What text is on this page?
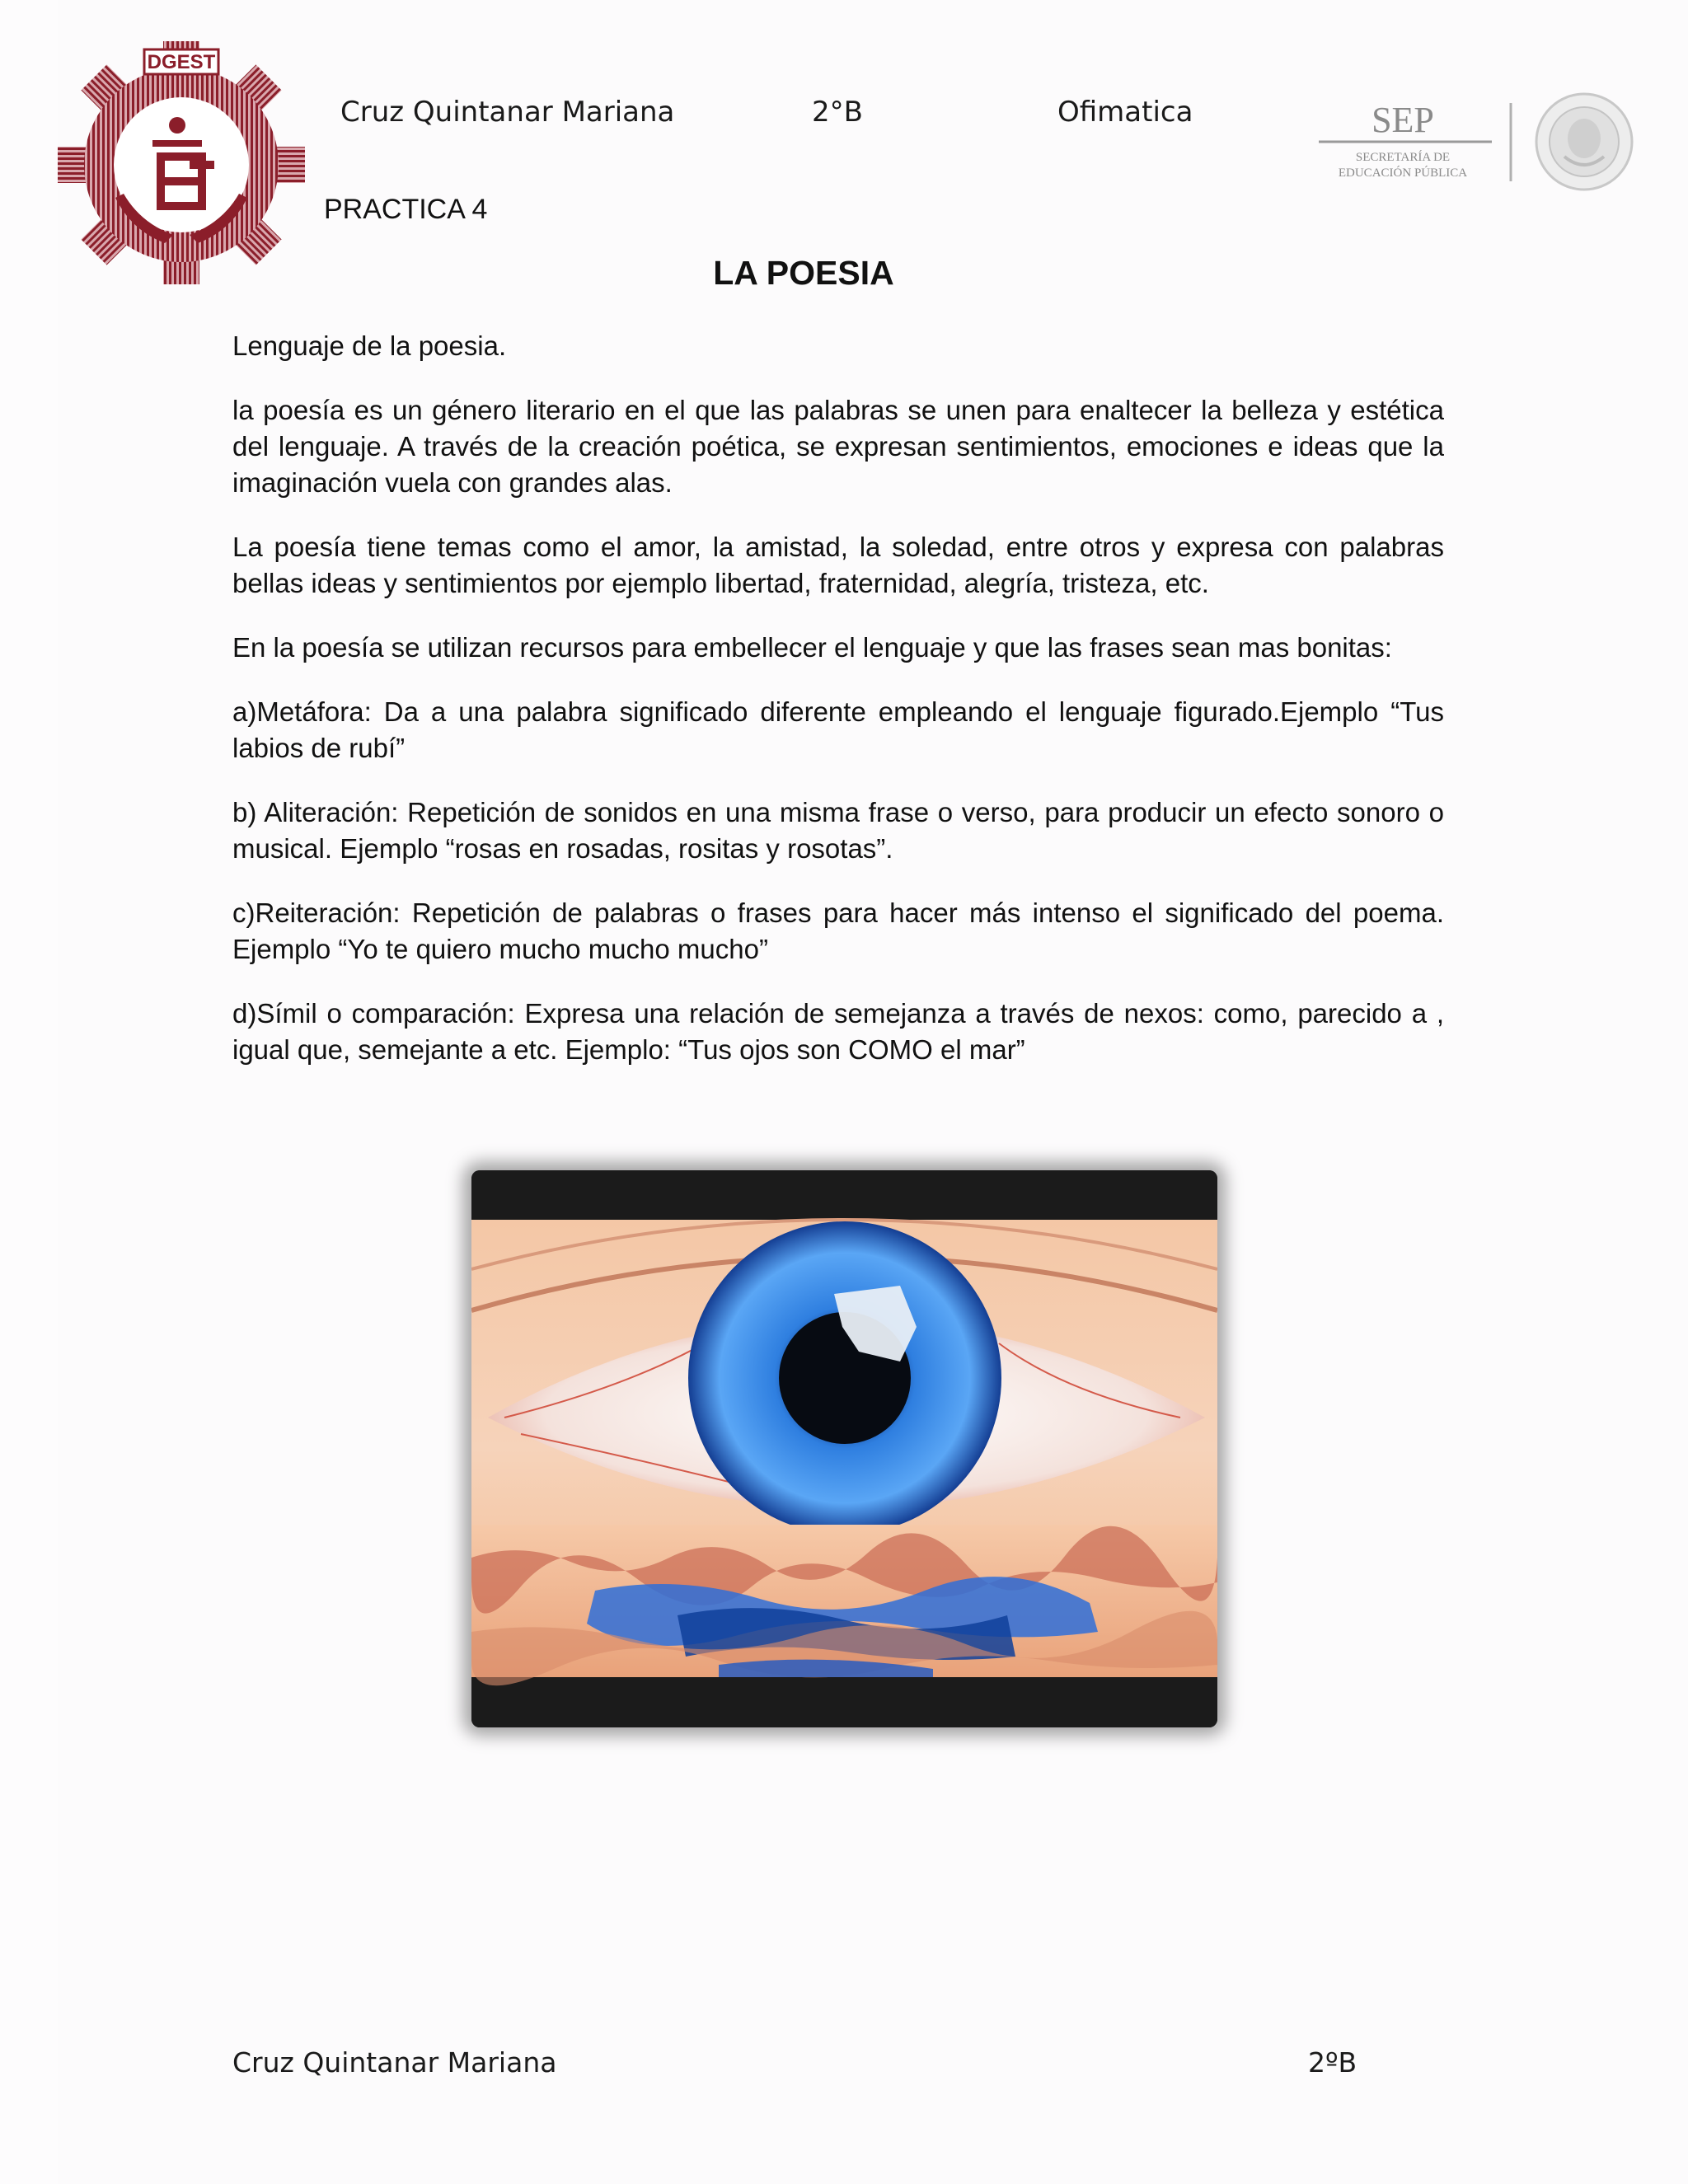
DGEST
Cruz Quintanar Mariana	2°B	Ofimatica
PRACTICA 4
SEP
SECRETARÍA DE
EDUCACIÓN PÚBLICA
LA POESIA

Lenguaje de la poesia.

la poesía es un género literario en el que las palabras se unen para enaltecer la belleza y estética del lenguaje. A través de la creación poética, se expresan sentimientos, emociones e ideas que la imaginación vuela con grandes alas.

La poesía tiene temas como el amor, la amistad, la soledad, entre otros y expresa con palabras bellas ideas y sentimientos por ejemplo libertad, fraternidad, alegría, tristeza, etc.

En la poesía se utilizan recursos para embellecer el lenguaje y que las frases sean mas bonitas:

a)Metáfora: Da a una palabra significado diferente empleando el lenguaje figurado.Ejemplo “Tus labios de rubí”

b) Aliteración: Repetición de sonidos en una misma frase o verso, para producir un efecto sonoro o musical. Ejemplo “rosas en rosadas, rositas y rosotas”.

c)Reiteración: Repetición de palabras o frases para hacer más intenso el significado del poema. Ejemplo “Yo te quiero mucho mucho mucho”

d)Símil o comparación: Expresa una relación de semejanza a través de nexos: como, parecido a , igual que, semejante a etc. Ejemplo: “Tus ojos son COMO el mar”

Cruz Quintanar Mariana	2ºB
